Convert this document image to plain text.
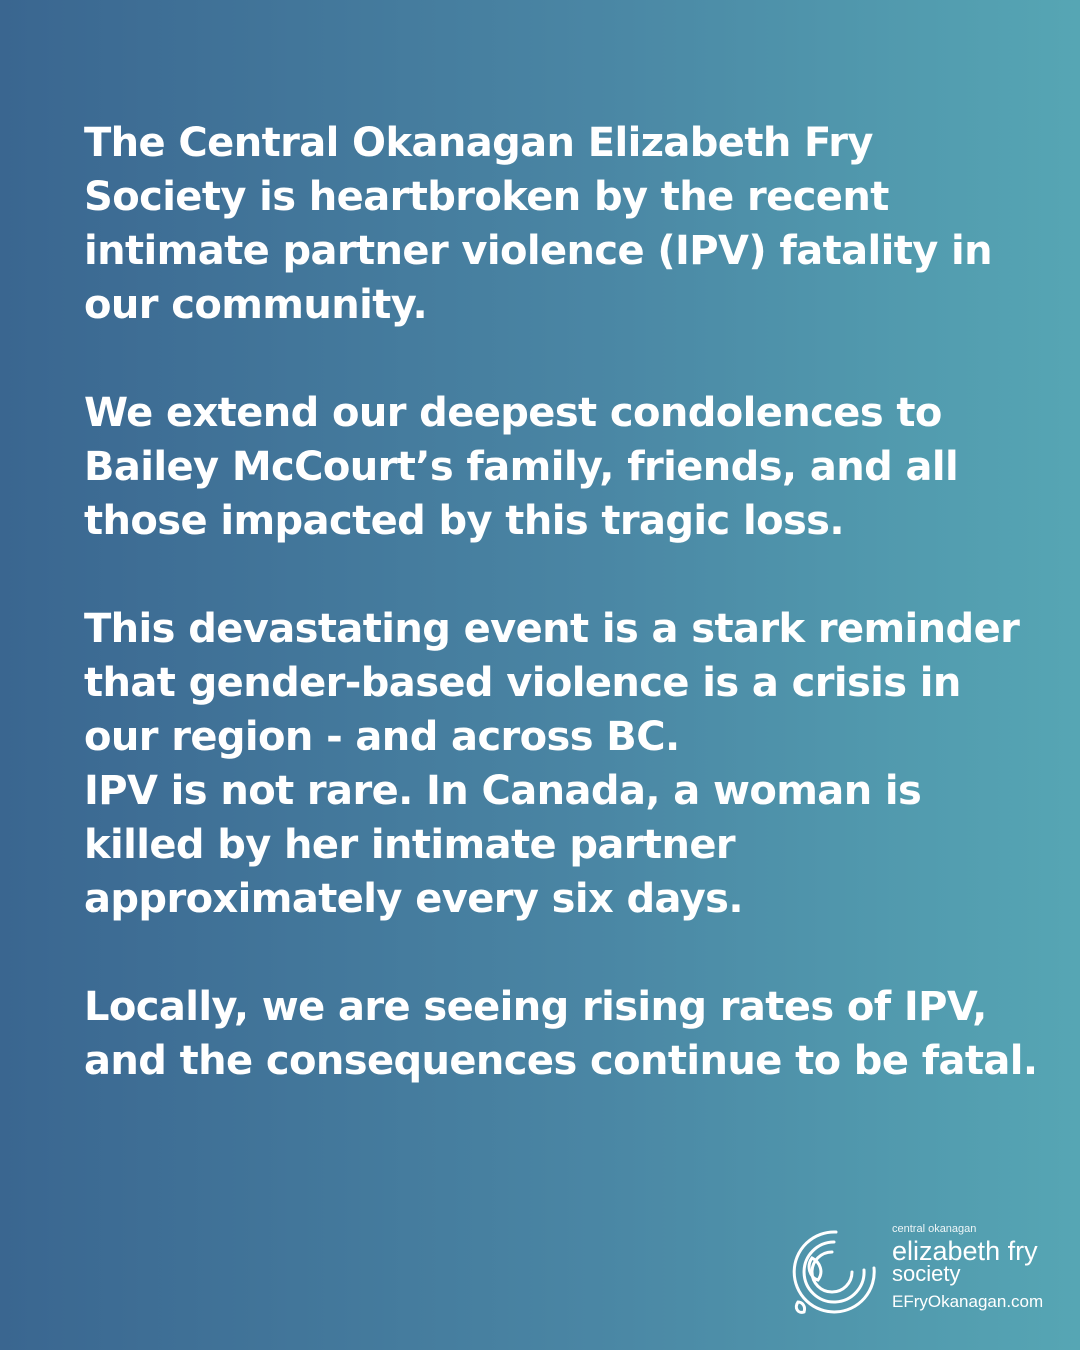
The Central Okanagan Elizabeth Fry
Society is heartbroken by the recent
intimate partner violence (IPV) fatality in
our community.

We extend our deepest condolences to
Bailey McCourt’s family, friends, and all
those impacted by this tragic loss.

This devastating event is a stark reminder
that gender-based violence is a crisis in
our region - and across BC.
IPV is not rare. In Canada, a woman is
killed by her intimate partner
approximately every six days.

Locally, we are seeing rising rates of IPV,
and the consequences continue to be fatal.

central okanagan
elizabeth fry
society
EFryOkanagan.com
